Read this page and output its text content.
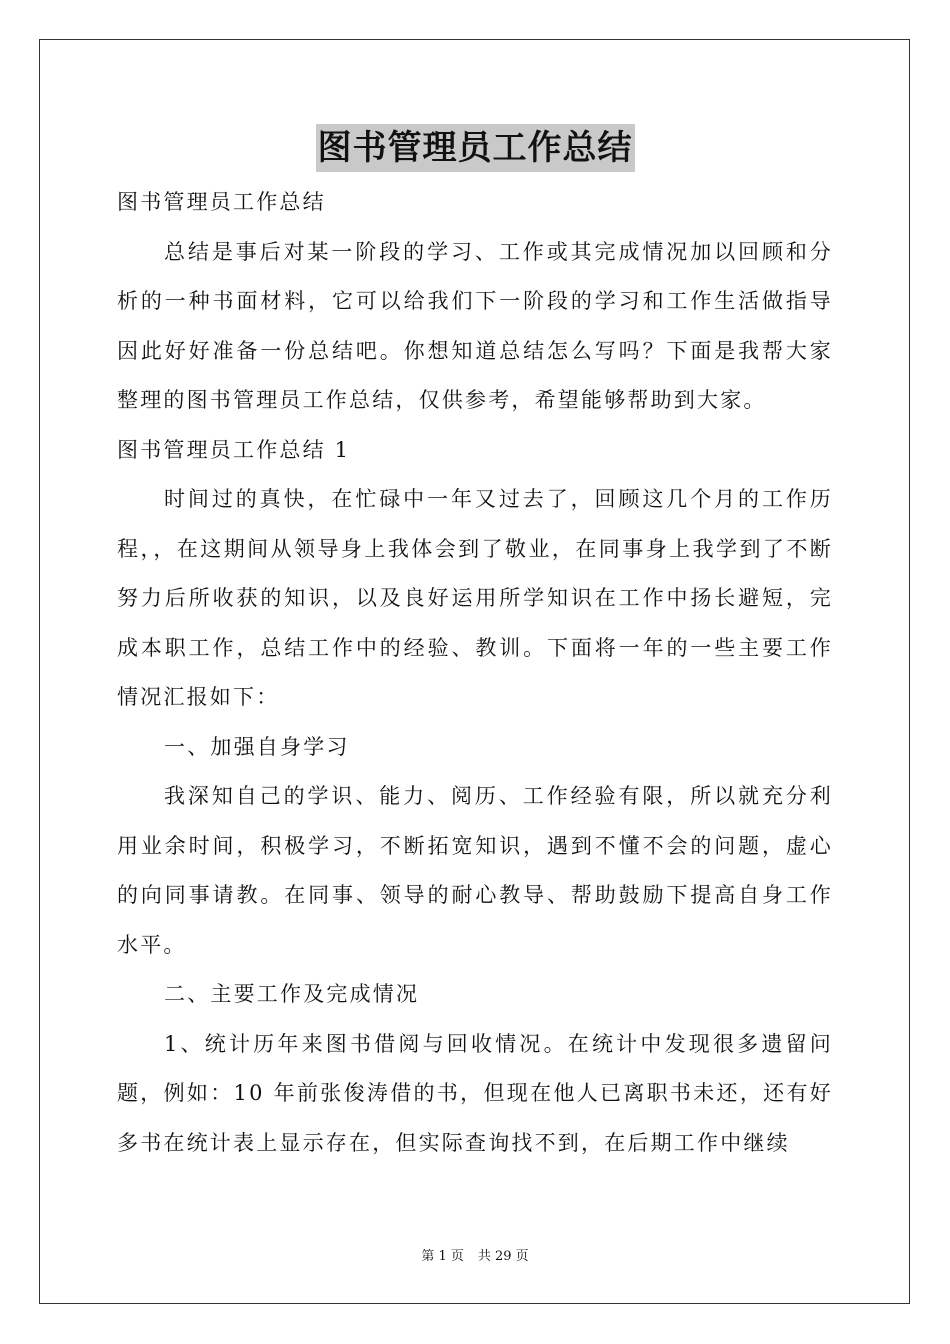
图书管理员工作总结

图书管理员工作总结

总结是事后对某一阶段的学习、工作或其完成情况加以回顾和分析的一种书面材料，它可以给我们下一阶段的学习和工作生活做指导因此好好准备一份总结吧。你想知道总结怎么写吗？下面是我帮大家整理的图书管理员工作总结，仅供参考，希望能够帮助到大家。

图书管理员工作总结 1

时间过的真快，在忙碌中一年又过去了，回顾这几个月的工作历程，，在这期间从领导身上我体会到了敬业，在同事身上我学到了不断努力后所收获的知识，以及良好运用所学知识在工作中扬长避短，完成本职工作，总结工作中的经验、教训。下面将一年的一些主要工作情况汇报如下：

一、加强自身学习

我深知自己的学识、能力、阅历、工作经验有限，所以就充分利用业余时间，积极学习，不断拓宽知识，遇到不懂不会的问题，虚心的向同事请教。在同事、领导的耐心教导、帮助鼓励下提高自身工作水平。

二、主要工作及完成情况

1、统计历年来图书借阅与回收情况。在统计中发现很多遗留问题，例如：10 年前张俊涛借的书，但现在他人已离职书未还，还有好多书在统计表上显示存在，但实际查询找不到，在后期工作中继续

第 1 页 共 29 页
